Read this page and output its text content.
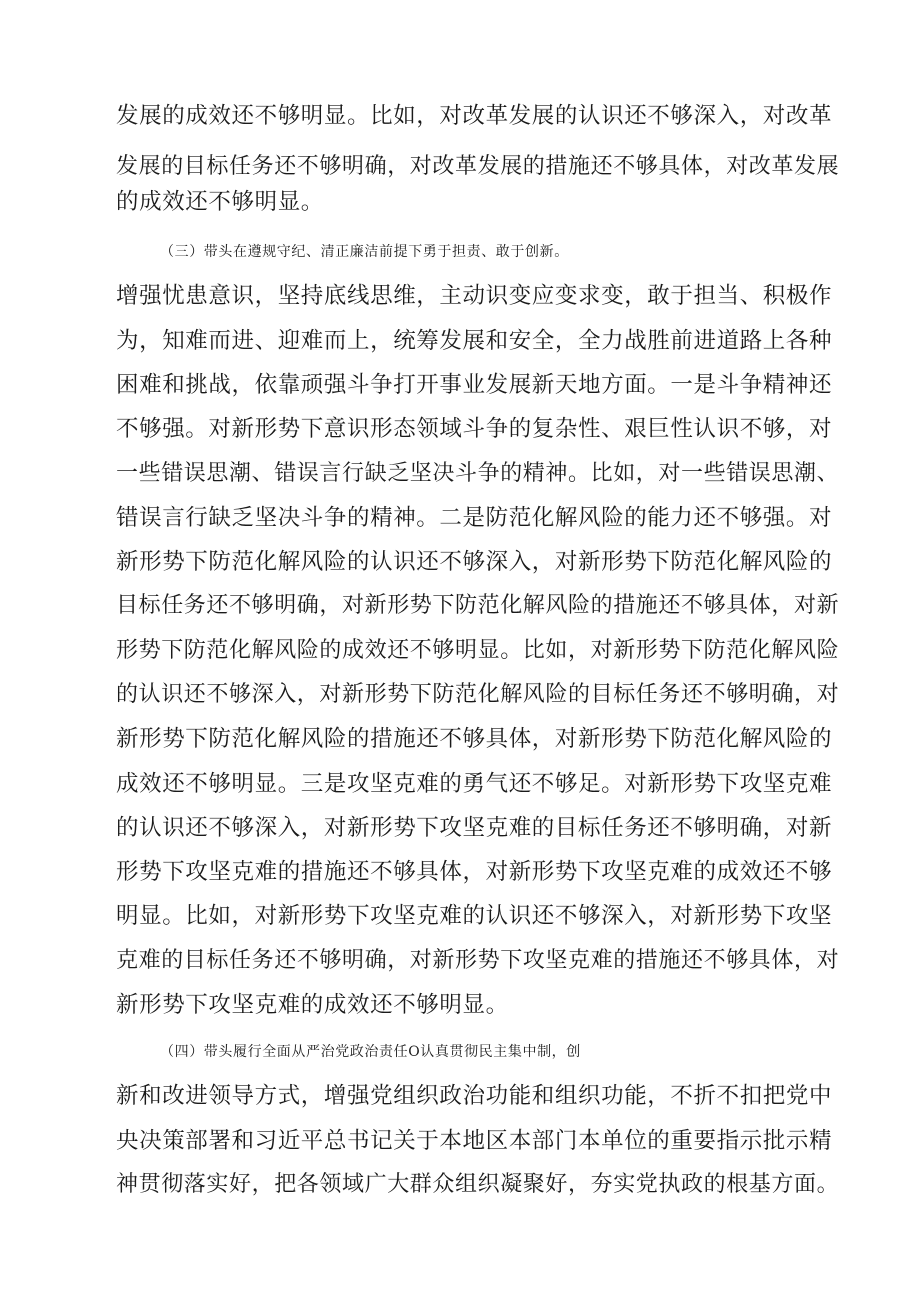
发展的成效还不够明显。比如，对改革发展的认识还不够深入，对改革
发展的目标任务还不够明确，对改革发展的措施还不够具体，对改革发展
的成效还不够明显。
（三）带头在遵规守纪、清正廉洁前提下勇于担责、敢于创新。
增强忧患意识，坚持底线思维，主动识变应变求变，敢于担当、积极作
为，知难而进、迎难而上，统筹发展和安全，全力战胜前进道路上各种
困难和挑战，依靠顽强斗争打开事业发展新天地方面。一是斗争精神还
不够强。对新形势下意识形态领域斗争的复杂性、艰巨性认识不够，对
一些错误思潮、错误言行缺乏坚决斗争的精神。比如，对一些错误思潮、
错误言行缺乏坚决斗争的精神。二是防范化解风险的能力还不够强。对
新形势下防范化解风险的认识还不够深入，对新形势下防范化解风险的
目标任务还不够明确，对新形势下防范化解风险的措施还不够具体，对新
形势下防范化解风险的成效还不够明显。比如，对新形势下防范化解风险
的认识还不够深入，对新形势下防范化解风险的目标任务还不够明确，对
新形势下防范化解风险的措施还不够具体，对新形势下防范化解风险的
成效还不够明显。三是攻坚克难的勇气还不够足。对新形势下攻坚克难
的认识还不够深入，对新形势下攻坚克难的目标任务还不够明确，对新
形势下攻坚克难的措施还不够具体，对新形势下攻坚克难的成效还不够
明显。比如，对新形势下攻坚克难的认识还不够深入，对新形势下攻坚
克难的目标任务还不够明确，对新形势下攻坚克难的措施还不够具体，对
新形势下攻坚克难的成效还不够明显。
（四）带头履行全面从严治党政治责任O认真贯彻民主集中制，创
新和改进领导方式，增强党组织政治功能和组织功能，不折不扣把党中
央决策部署和习近平总书记关于本地区本部门本单位的重要指示批示精
神贯彻落实好，把各领域广大群众组织凝聚好，夯实党执政的根基方面。
